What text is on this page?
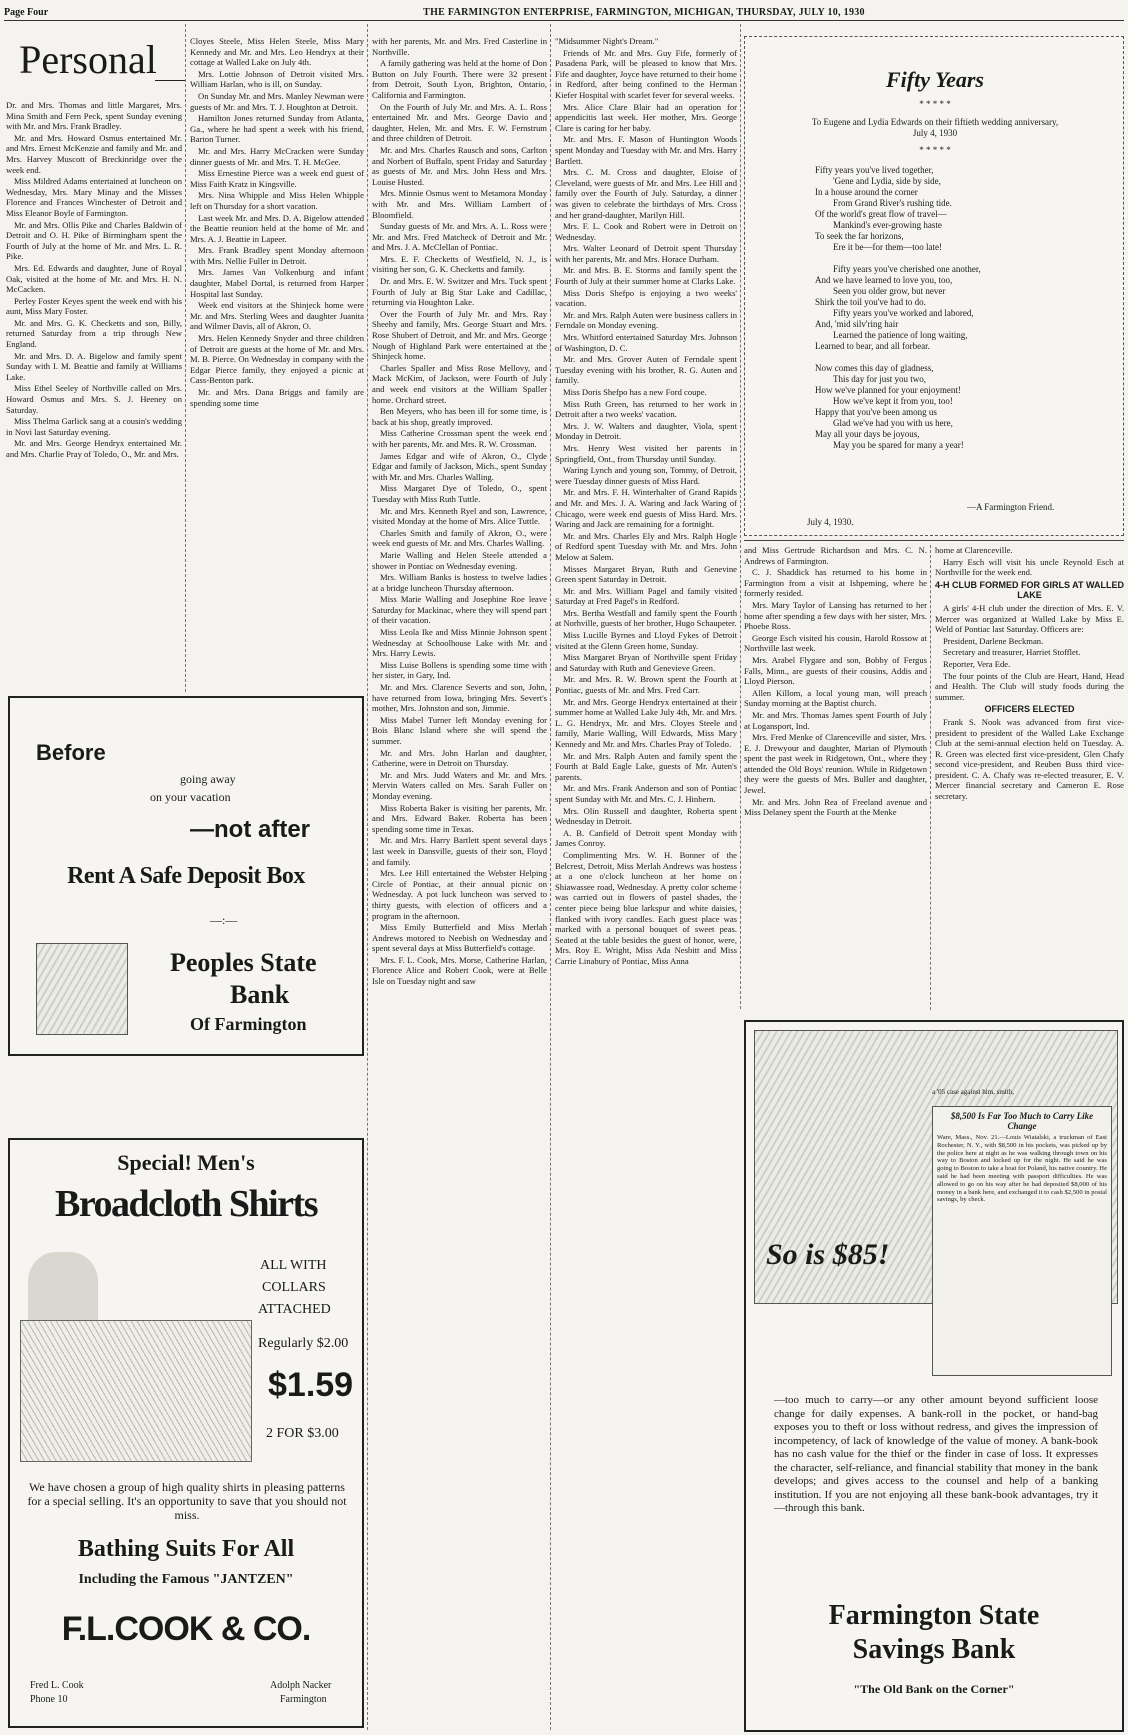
Page Four	THE FARMINGTON ENTERPRISE, FARMINGTON, MICHIGAN, THURSDAY, JULY 10, 1930
Personal

Dr. and Mrs. Thomas and little Margaret, Mrs. Mina Smith and Fern Peck, spent Sunday evening with Mr. and Mrs. Frank Bradley.

Mr. and Mrs. Howard Osmus entertained Mr. and Mrs. Ernest McKenzie and family and Mr. and Mrs. Harvey Muscott of Breckinridge over the week end.

Miss Mildred Adams entertained at luncheon on Wednesday, Mrs. Mary Minay and the Misses Florence and Frances Winchester of Detroit and Miss Eleanor Boyle of Farmington.

Mr. and Mrs. Ollis Pike and Charles Baldwin of Detroit and O. H. Pike of Birmingham spent the Fourth of July at the home of Mr. and Mrs. L. R. Pike.

Mrs. Ed. Edwards and daughter, June of Royal Oak, visited at the home of Mr. and Mrs. H. N. McCacken.

Perley Foster Keyes spent the week end with his aunt, Miss Mary Foster.

Mr. and Mrs. G. K. Checketts and son, Billy, returned Saturday from a trip through New England.

Mr. and Mrs. D. A. Bigelow and family spent Sunday with I. M. Beattie and family at Williams Lake.

Miss Ethel Seeley of Northville called on Mrs. Howard Osmus and Mrs. S. J. Heeney on Saturday.

Miss Thelma Garlick sang at a cousin's wedding in Novi last Saturday evening.

Mr. and Mrs. George Hendryx entertained Mr. and Mrs. Charlie Pray of Toledo, O., Mr. and Mrs.

Cloyes Steele, Miss Helen Steele, Miss Mary Kennedy and Mr. and Mrs. Leo Hendryx at their cottage at Walled Lake on July 4th.

Mrs. Lottie Johnson of Detroit visited Mrs. William Harlan, who is ill, on Sunday.

On Sunday Mr. and Mrs. Manley Newman were guests of Mr. and Mrs. T. J. Houghton at Detroit.

Hamilton Jones returned Sunday from Atlanta, Ga., where he had spent a week with his friend, Barton Turner.

Mr. and Mrs. Harry McCracken were Sunday dinner guests of Mr. and Mrs. T. H. McGee.

Miss Ernestine Pierce was a week end guest of Miss Faith Kratz in Kingsville.

Mrs. Nina Whipple and Miss Helen Whipple left on Thursday for a short vacation.

Last week Mr. and Mrs. D. A. Bigelow attended the Beattie reunion held at the home of Mr. and Mrs. A. J. Beattie in Lapeer.

Mrs. Frank Bradley spent Monday afternoon with Mrs. Nellie Fuller in Detroit.

Mrs. James Van Volkenburg and infant daughter, Mabel Dortal, is returned from Harper Hospital last Sunday.

Week end visitors at the Shinjeck home were Mr. and Mrs. Sterling Wees and daughter Juanita and Wilmer Davis, all of Akron, O.

Mrs. Helen Kennedy Snyder and three children of Detroit are guests at the home of Mr. and Mrs. M. B. Pierce. On Wednesday in company with the Edgar Pierce family, they enjoyed a picnic at Cass-Benton park.

Mr. and Mrs. Dana Briggs and family are spending some time

with her parents, Mr. and Mrs. Fred Casterline in Northville.

A family gathering was held at the home of Don Button on July Fourth. There were 32 present from Detroit, South Lyon, Brighton, Ontario, California and Farmington.

On the Fourth of July Mr. and Mrs. A. L. Ross entertained Mr. and Mrs. George Davio and daughter, Helen, Mr. and Mrs. F. W. Fernstrum and three children of Detroit.

Mr. and Mrs. Charles Rausch and sons, Carlton and Norbert of Buffalo, spent Friday and Saturday as guests of Mr. and Mrs. John Hess and Mrs. Louise Husted.

Mrs. Minnie Osmus went to Metamora Monday with Mr. and Mrs. William Lambert of Bloomfield.

Sunday guests of Mr. and Mrs. A. L. Ross were Mr. and Mrs. Fred Matcheck of Detroit and Mr. and Mrs. J. A. McClellan of Pontiac.

Mrs. E. F. Checketts of Westfield, N. J., is visiting her son, G. K. Checketts and family.

Dr. and Mrs. E. W. Switzer and Mrs. Tuck spent Fourth of July at Big Star Lake and Cadillac, returning via Houghton Lake.

Over the Fourth of July Mr. and Mrs. Ray Sheehy and family, Mrs. George Stuart and Mrs. Rose Shubert of Detroit, and Mr. and Mrs. George Nough of Highland Park were entertained at the Shinjeck home.

Charles Spaller and Miss Rose Mellovy, and Mack McKim, of Jackson, were Fourth of July and week end visitors at the William Spaller home. Orchard street.

Ben Meyers, who has been ill for some time, is back at his shop, greatly improved.

Miss Catherine Crossman spent the week end with her parents, Mr. and Mrs. R. W. Crossman.

James Edgar and wife of Akron, O., Clyde Edgar and family of Jackson, Mich., spent Sunday with Mr. and Mrs. Charles Walling.

Miss Margaret Dye of Toledo, O., spent Tuesday with Miss Ruth Tuttle.

Mr. and Mrs. Kenneth Ryel and son, Lawrence, visited Monday at the home of Mrs. Alice Tuttle.

Charles Smith and family of Akron, O., were week end guests of Mr. and Mrs. Charles Walling.

Marie Walling and Helen Steele attended a shower in Pontiac on Wednesday evening.

Mrs. William Banks is hostess to twelve ladies at a bridge luncheon Thursday afternoon.

Miss Marie Walling and Josephine Roe leave Saturday for Mackinac, where they will spend part of their vacation.

Miss Leola Ike and Miss Minnie Johnson spent Wednesday at Schoolhouse Lake with Mr. and Mrs. Harry Lewis.

Miss Luise Bollens is spending some time with her sister, in Gary, Ind.

Mr. and Mrs. Clarence Severts and son, John, have returned from Iowa, bringing Mrs. Severt's mother, Mrs. Johnston and son, Jimmie.

Miss Mabel Turner left Monday evening for Bois Blanc Island where she will spend the summer.

Mr. and Mrs. John Harlan and daughter, Catherine, were in Detroit on Thursday.

Mr. and Mrs. Judd Waters and Mr. and Mrs. Mervin Waters called on Mrs. Sarah Fuller on Monday evening.

Miss Roberta Baker is visiting her parents, Mr. and Mrs. Edward Baker. Roberta has been spending some time in Texas.

Mr. and Mrs. Harry Bartlett spent several days last week in Dansville, guests of their son, Floyd and family.

Mrs. Lee Hill entertained the Webster Helping Circle of Pontiac, at their annual picnic on Wednesday. A pot luck luncheon was served to thirty guests, with election of officers and a program in the afternoon.

Miss Emily Butterfield and Miss Merlah Andrews motored to Neebish on Wednesday and spent several days at Miss Butterfield's cottage.

Mrs. F. L. Cook, Mrs. Morse, Catherine Harlan, Florence Alice and Robert Cook, were at Belle Isle on Tuesday night and saw

"Midsummer Night's Dream."

Friends of Mr. and Mrs. Guy Fife, formerly of Pasadena Park, will be pleased to know that Mrs. Fife and daughter, Joyce have returned to their home in Redford, after being confined to the Herman Kiefer Hospital with scarlet fever for several weeks.

Mrs. Alice Clare Blair had an operation for appendicitis last week. Her mother, Mrs. George Clare is caring for her baby.

Mr. and Mrs. F. Mason of Huntington Woods spent Monday and Tuesday with Mr. and Mrs. Harry Bartlett.

Mrs. C. M. Cross and daughter, Eloise of Cleveland, were guests of Mr. and Mrs. Lee Hill and family over the Fourth of July. Saturday, a dinner was given to celebrate the birthdays of Mrs. Cross and her grand-daughter, Marilyn Hill.

Mrs. F. L. Cook and Robert were in Detroit on Wednesday.

Mrs. Walter Leonard of Detroit spent Thursday with her parents, Mr. and Mrs. Horace Durham.

Mr. and Mrs. B. E. Storms and family spent the Fourth of July at their summer home at Clarks Lake.

Miss Doris Shefpo is enjoying a two weeks' vacation.

Mr. and Mrs. Ralph Auten were business callers in Ferndale on Monday evening.

Mrs. Whitford entertained Saturday Mrs. Johnson of Washington, D. C.

Mr. and Mrs. Grover Auten of Ferndale spent Tuesday evening with his brother, R. G. Auten and family.

Miss Doris Shefpo has a new Ford coupe.

Miss Ruth Green, has returned to her work in Detroit after a two weeks' vacation.

Mrs. J. W. Walters and daughter, Viola, spent Monday in Detroit.

Mrs. Henry West visited her parents in Springfield, Ont., from Thursday until Sunday.

Waring Lynch and young son, Tommy, of Detroit, were Tuesday dinner guests of Miss Hard.

Mr. and Mrs. F. H. Winterhalter of Grand Rapids and Mr. and Mrs. J. A. Waring and Jack Waring of Chicago, were week end guests of Miss Hard. Mrs. Waring and Jack are remaining for a fortnight.

Mr. and Mrs. Charles Ely and Mrs. Ralph Hogle of Redford spent Tuesday with Mr. and Mrs. John Melow at Salem.

Misses Margaret Bryan, Ruth and Genevine Green spent Saturday in Detroit.

Mr. and Mrs. William Pagel and family visited Saturday at Fred Pagel's in Redford.

Mrs. Bertha Westfall and family spent the Fourth at Norhville, guests of her brother, Hugo Schaupeter.

Miss Lucille Byrnes and Lloyd Fykes of Detroit visited at the Glenn Green home, Sunday.

Miss Margaret Bryan of Northville spent Friday and Saturday with Ruth and Genevieve Green.

Mr. and Mrs. R. W. Brown spent the Fourth at Pontiac, guests of Mr. and Mrs. Fred Carr.

Mr. and Mrs. George Hendryx entertained at their summer home at Walled Lake July 4th, Mr. and Mrs. L. G. Hendryx, Mr. and Mrs. Cloyes Steele and family, Marie Walling, Will Edwards, Miss Mary Kennedy and Mr. and Mrs. Charles Pray of Toledo.

Mr. and Mrs. Ralph Auten and family spent the Fourth at Bald Eagle Lake, guests of Mr. Auten's parents.

Mr. and Mrs. Frank Anderson and son of Pontiac spent Sunday with Mr. and Mrs. C. J. Hinbern.

Mrs. Olin Russell and daughter, Roberta spent Wednesday in Detroit.

A. B. Canfield of Detroit spent Monday with James Conroy.

Complimenting Mrs. W. H. Bonner of the Belcrest, Detroit, Miss Merlah Andrews was hostess at a one o'clock luncheon at her home on Shiawassee road, Wednesday. A pretty color scheme was carried out in flowers of pastel shades, the center piece being blue larkspur and white daisies, flanked with ivory candles. Each guest place was marked with a personal bouquet of sweet peas. Seated at the table besides the guest of honor, were, Mrs. Roy E. Wright, Miss Ada Nesbitt and Miss Carrie Linabury of Pontiac, Miss Anna

Fifty Years
* * * * *
To Eugene and Lydia Edwards on their fiftieth wedding anniversary, July 4, 1930
* * * * *
Fifty years you've lived together,
'Gene and Lydia, side by side,
In a house around the corner
From Grand River's rushing tide.
Of the world's great flow of travel—
Mankind's ever-growing haste
To seek the far horizons,
Ere it be—for them—too late!

Fifty years you've cherished one another,
And we have learned to love you, too,
Seen you older grow, but never
Shirk the toil you've had to do.
Fifty years you've worked and labored,
And, 'mid silv'ring hair
Learned the patience of long waiting,
Learned to bear, and all forbear.

Now comes this day of gladness,
This day for just you two,
How we've planned for your enjoyment!
How we've kept it from you, too!
Happy that you've been among us
Glad we've had you with us here,
May all your days be joyous,
May you be spared for many a year!
—A Farmington Friend.
July 4, 1930.

and Miss Gertrude Richardson and Mrs. C. N. Andrews of Farmington.

C. J. Shaddick has returned to his home in Farmington from a visit at Ishpeming, where he formerly resided.

Mrs. Mary Taylor of Lansing has returned to her home after spending a few days with her sister, Mrs. Phoebe Ross.

George Esch visited his cousin, Harold Rossow at Northville last week.

Mrs. Arabel Flygare and son, Bobby of Fergus Falls, Minn., are guests of their cousins, Addis and Lloyd Pierson.

Allen Killom, a local young man, will preach Sunday morning at the Baptist church.

Mr. and Mrs. Thomas James spent Fourth of July at Logansport, Ind.

Mrs. Fred Menke of Clarenceville and sister, Mrs. E. J. Drewyour and daughter, Marian of Plymouth spent the past week in Ridgetown, Ont., where they attended the Old Boys' reunion. While in Ridgetown they were the guests of Mrs. Buller and daughter, Jewel.

Mr. and Mrs. John Rea of Freeland avenue and Miss Delaney spent the Fourth at the Menke

home at Clarenceville.

Harry Esch will visit his uncle Reynold Esch at Northville for the week end.

4-H CLUB FORMED FOR GIRLS AT WALLED LAKE

A girls' 4-H club under the direction of Mrs. E. V. Mercer was organized at Walled Lake by Miss E. Weld of Pontiac last Saturday. Officers are:

President, Darlene Beckman.

Secretary and treasurer, Harriet Stofflet.

Reporter, Vera Ede.

The four points of the Club are Heart, Hand, Head and Health. The Club will study foods during the summer.

OFFICERS ELECTED

Frank S. Nook was advanced from first vice-president to president of the Walled Lake Exchange Club at the semi-annual election held on Tuesday. A. R. Green was elected first vice-president, Glen Chafy second vice-president, and Reuben Buss third vice-president. C. A. Chafy was re-elected treasurer, E. V. Mercer financial secretary and Cameron E. Rose secretary.

Before
going away
on your vacation
—not after
Rent A Safe Deposit Box
—:—
Peoples State
Bank
Of Farmington
Special! Men's
Broadcloth Shirts
ALL WITH
COLLARS
ATTACHED
Regularly $2.00
$1.59
2 FOR $3.00
We have chosen a group of high quality shirts in pleasing patterns for a special selling. It's an opportunity to save that you should not miss.
Bathing Suits For All
Including the Famous "JANTZEN"
F.L.COOK & CO.
Fred L. Cook
Phone 10
Adolph Nacker
Farmington
$8,500 Is Far Too Much to Carry Like Change
Ware, Mass., Nov. 21.—Louis Wiatalski, a truckman of East Rochester, N. Y., with $8,500 in his pockets, was picked up by the police here at night as he was walking through town on his way to Boston and locked up for the night. He said he was going to Boston to take a boat for Poland, his native country. He said he had been meeting with passport difficulties. He was allowed to go on his way after he had deposited $8,000 of his money in a bank here, and exchanged it to cash $2,500 in postal savings, by check.
a '05 case against him, smith,
So is $85!
—too much to carry—or any other amount beyond sufficient loose change for daily expenses. A bank-roll in the pocket, or hand-bag exposes you to theft or loss without redress, and gives the impression of incompetency, of lack of knowledge of the value of money. A bank-book has no cash value for the thief or the finder in case of loss. It expresses the character, self-reliance, and financial stability that money in the bank develops; and gives access to the counsel and help of a banking institution. If you are not enjoying all these bank-book advantages, try it—through this bank.
Farmington State
Savings Bank
"The Old Bank on the Corner"
